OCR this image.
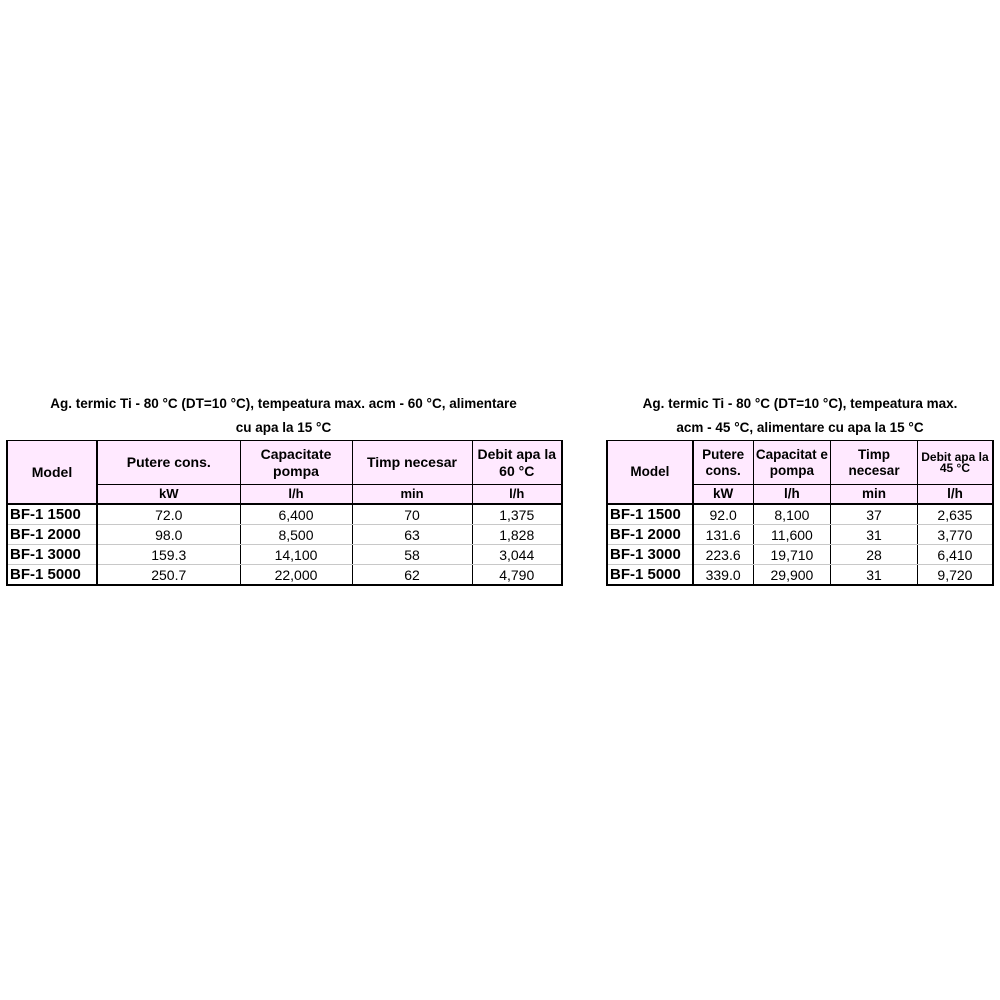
Ag. termic Ti - 80 °C (DT=10 °C), tempeatura max. acm - 60 °C, alimentare
cu apa la 15 °C
Model	Putere cons.	Capacitate pompa	Timp necesar	Debit apa la 60 °C
	kW	l/h	min	l/h
BF-1 1500	72.0	6,400	70	1,375
BF-1 2000	98.0	8,500	63	1,828
BF-1 3000	159.3	14,100	58	3,044
BF-1 5000	250.7	22,000	62	4,790
Ag. termic Ti - 80 °C (DT=10 °C), tempeatura max.
acm - 45 °C, alimentare cu apa la 15 °C
Model	Putere cons.	Capacitat e pompa	Timp necesar	Debit apa la 45 °C
	kW	l/h	min	l/h
BF-1 1500	92.0	8,100	37	2,635
BF-1 2000	131.6	11,600	31	3,770
BF-1 3000	223.6	19,710	28	6,410
BF-1 5000	339.0	29,900	31	9,720
